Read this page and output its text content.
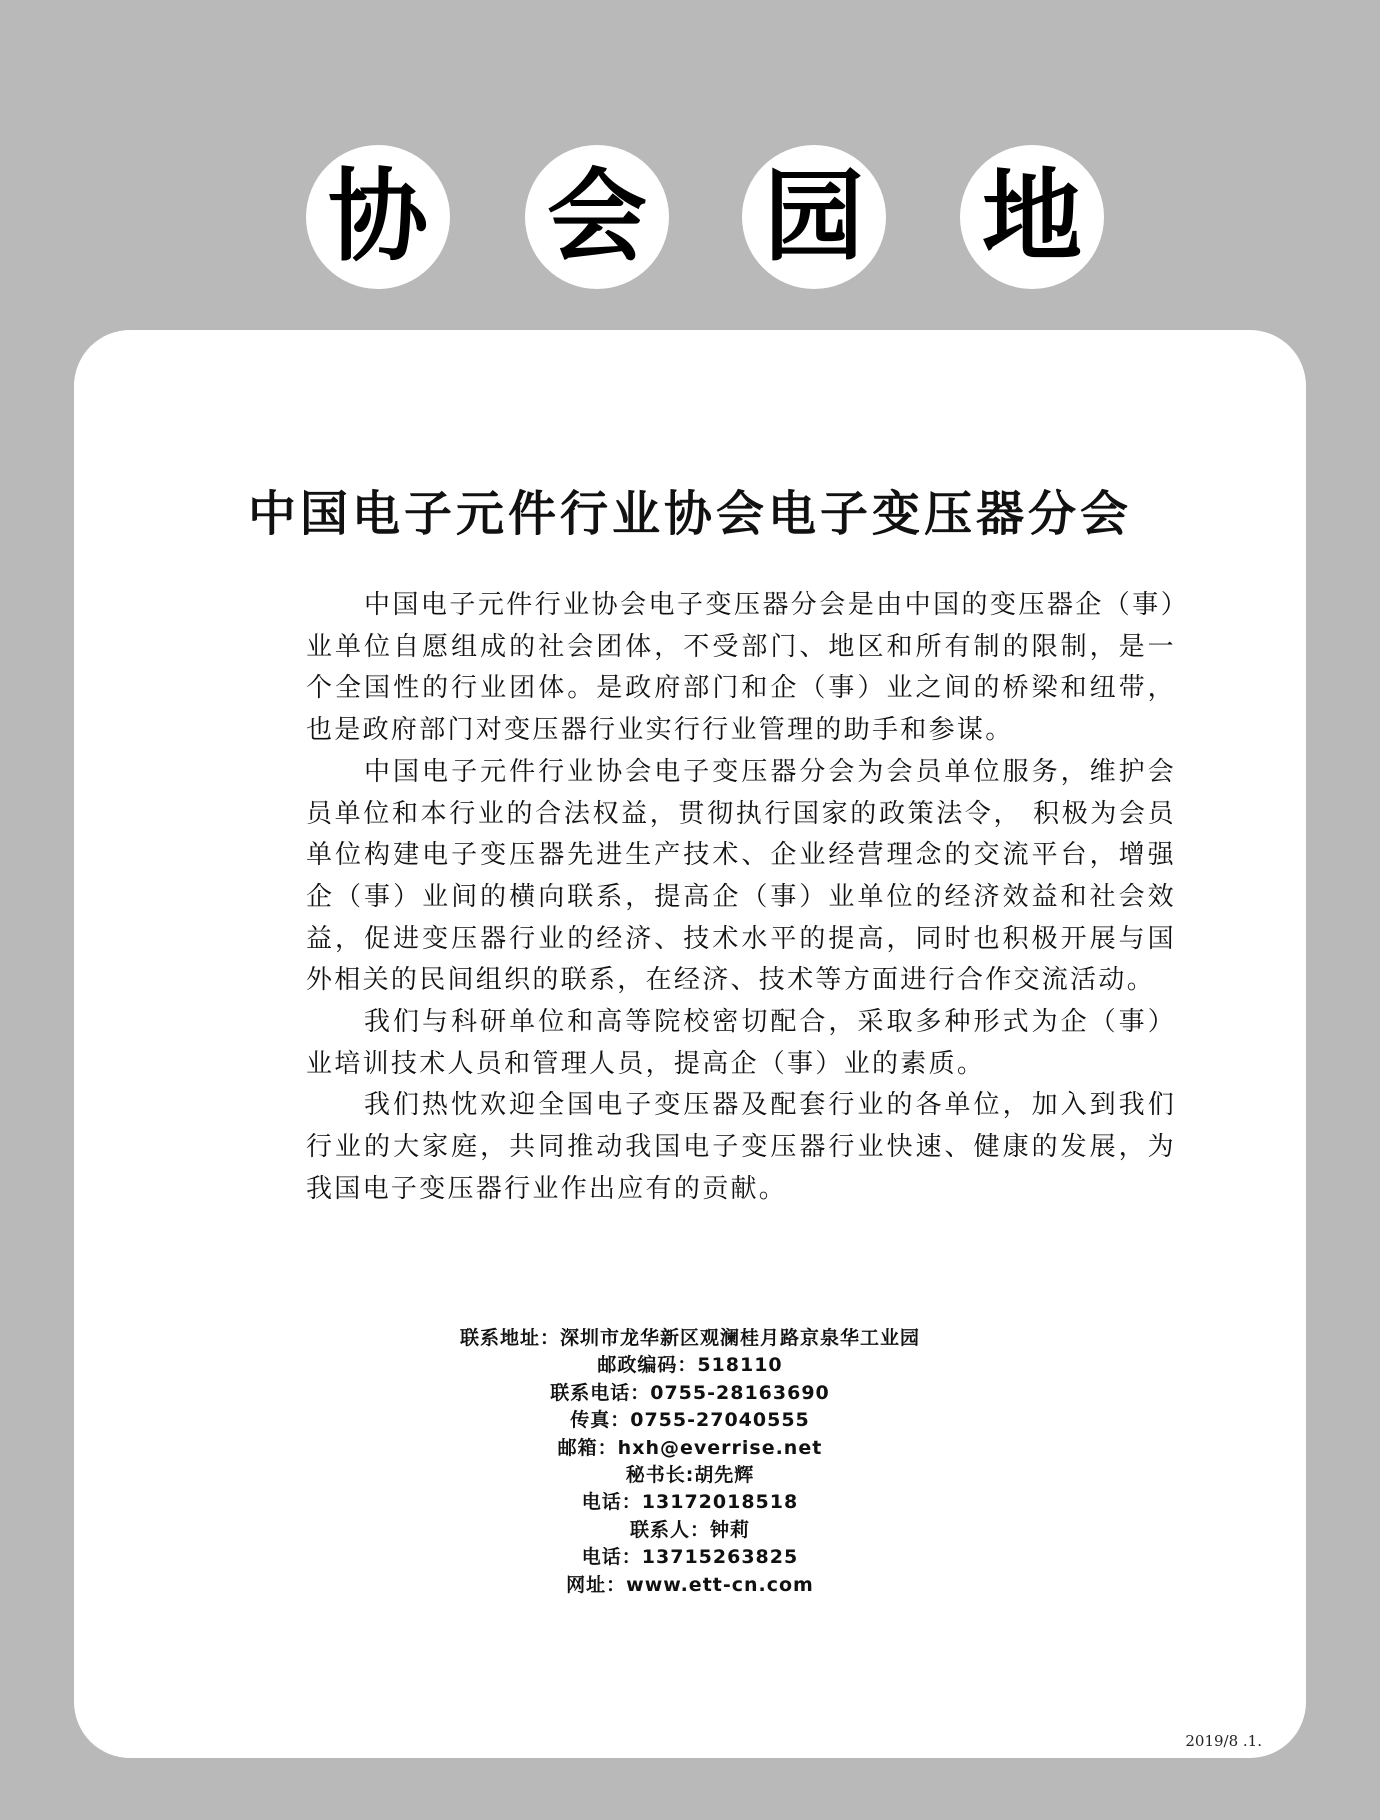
协 会 园 地
中国电子元件行业协会电子变压器分会

中国电子元件行业协会电子变压器分会是由中国的变压器企（事）业单位自愿组成的社会团体，不受部门、地区和所有制的限制，是一个全国性的行业团体。是政府部门和企（事）业之间的桥梁和纽带，也是政府部门对变压器行业实行行业管理的助手和参谋。

中国电子元件行业协会电子变压器分会为会员单位服务，维护会员单位和本行业的合法权益，贯彻执行国家的政策法令， 积极为会员单位构建电子变压器先进生产技术、企业经营理念的交流平台，增强企（事）业间的横向联系，提高企（事）业单位的经济效益和社会效益，促进变压器行业的经济、技术水平的提高，同时也积极开展与国外相关的民间组织的联系，在经济、技术等方面进行合作交流活动。

我们与科研单位和高等院校密切配合，采取多种形式为企（事）业培训技术人员和管理人员，提高企（事）业的素质。

我们热忱欢迎全国电子变压器及配套行业的各单位，加入到我们行业的大家庭，共同推动我国电子变压器行业快速、健康的发展，为我国电子变压器行业作出应有的贡献。

联系地址：深圳市龙华新区观澜桂月路京泉华工业园
邮政编码：518110
联系电话：0755-28163690
传真：0755-27040555
邮箱：hxh@everrise.net
秘书长:胡先辉
电话：13172018518
联系人：钟莉
电话：13715263825
网址：www.ett-cn.com
2019/8 .1.
